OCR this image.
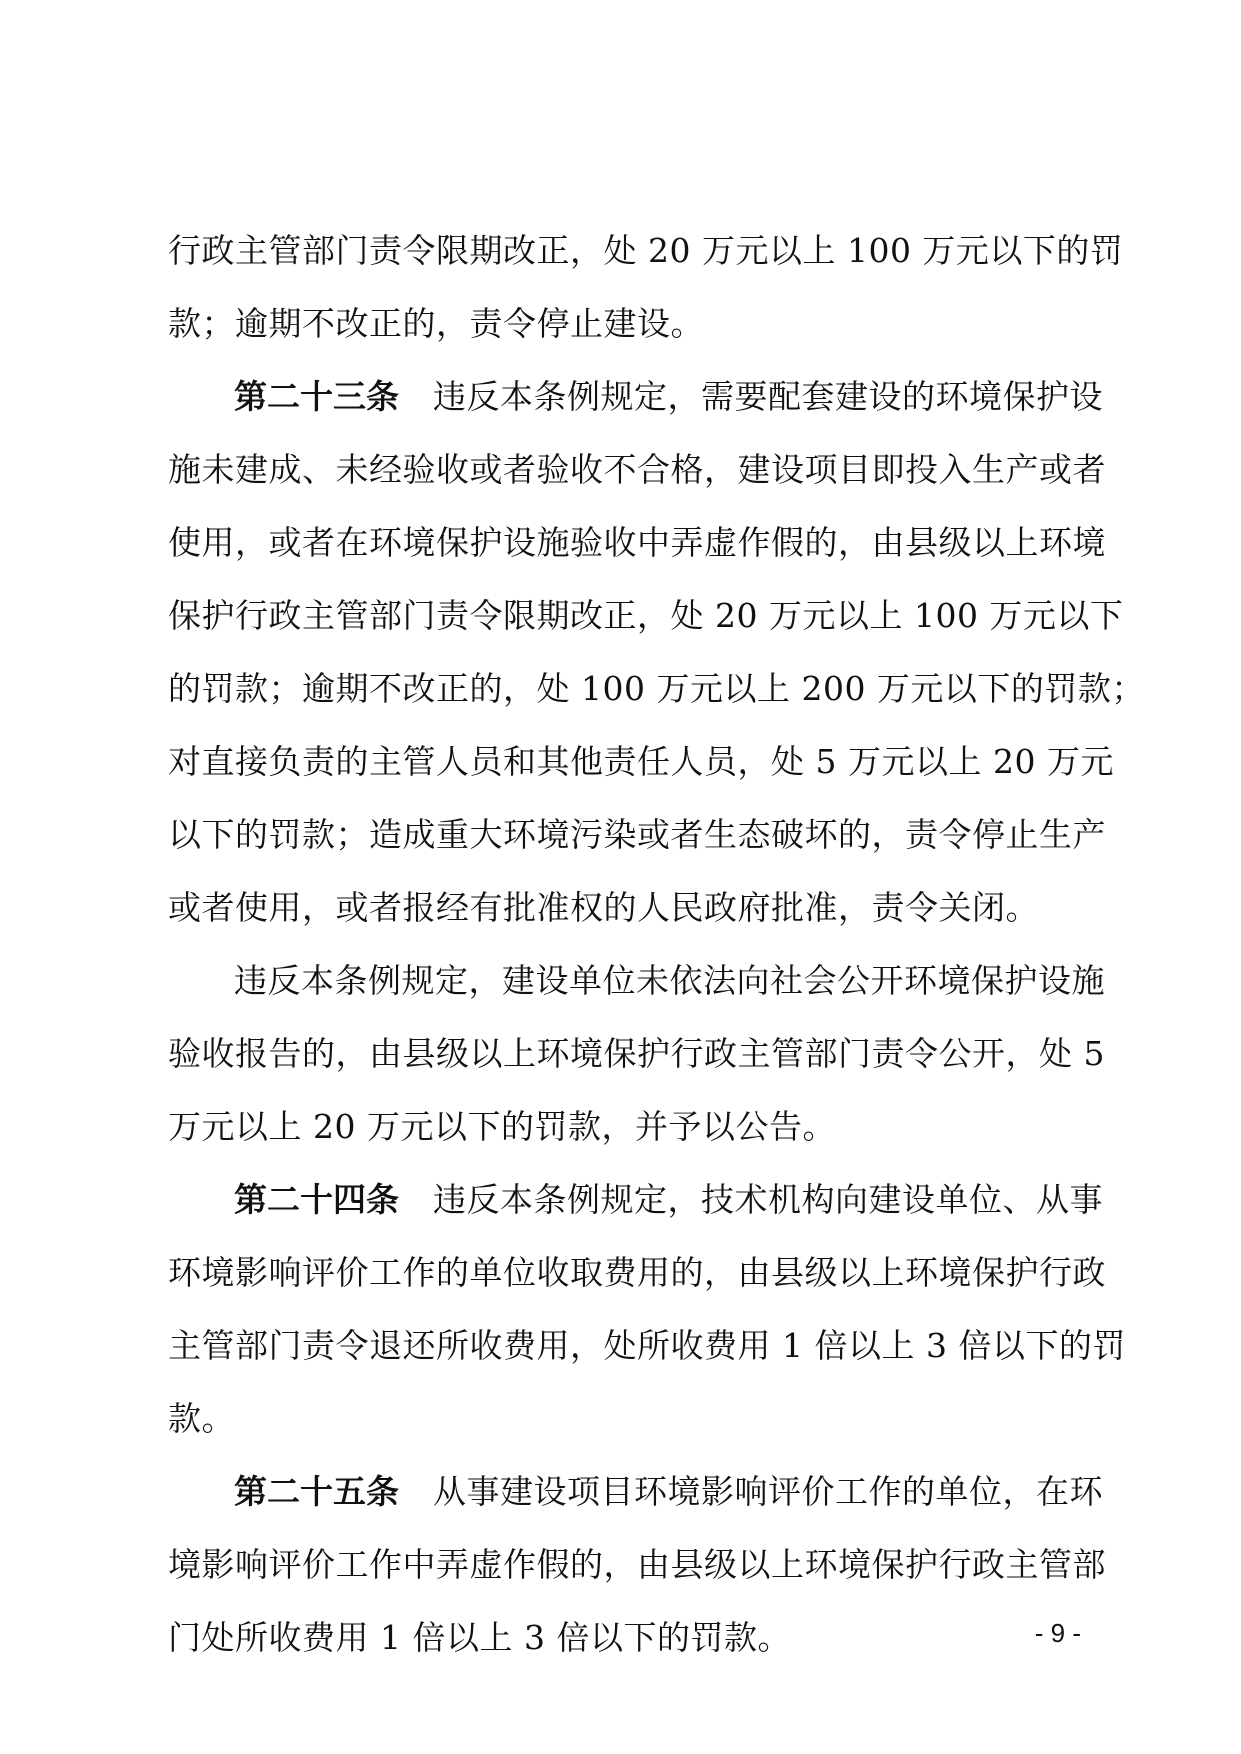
行政主管部门责令限期改正，处 20 万元以上 100 万元以下的罚
款；逾期不改正的，责令停止建设。
第二十三条 违反本条例规定，需要配套建设的环境保护设
施未建成、未经验收或者验收不合格，建设项目即投入生产或者
使用，或者在环境保护设施验收中弄虚作假的，由县级以上环境
保护行政主管部门责令限期改正，处 20 万元以上 100 万元以下
的罚款；逾期不改正的，处 100 万元以上 200 万元以下的罚款；
对直接负责的主管人员和其他责任人员，处 5 万元以上 20 万元
以下的罚款；造成重大环境污染或者生态破坏的，责令停止生产
或者使用，或者报经有批准权的人民政府批准，责令关闭。
违反本条例规定，建设单位未依法向社会公开环境保护设施
验收报告的，由县级以上环境保护行政主管部门责令公开，处 5
万元以上 20 万元以下的罚款，并予以公告。
第二十四条 违反本条例规定，技术机构向建设单位、从事
环境影响评价工作的单位收取费用的，由县级以上环境保护行政
主管部门责令退还所收费用，处所收费用 1 倍以上 3 倍以下的罚
款。
第二十五条 从事建设项目环境影响评价工作的单位，在环
境影响评价工作中弄虚作假的，由县级以上环境保护行政主管部
门处所收费用 1 倍以上 3 倍以下的罚款。	- 9 -
